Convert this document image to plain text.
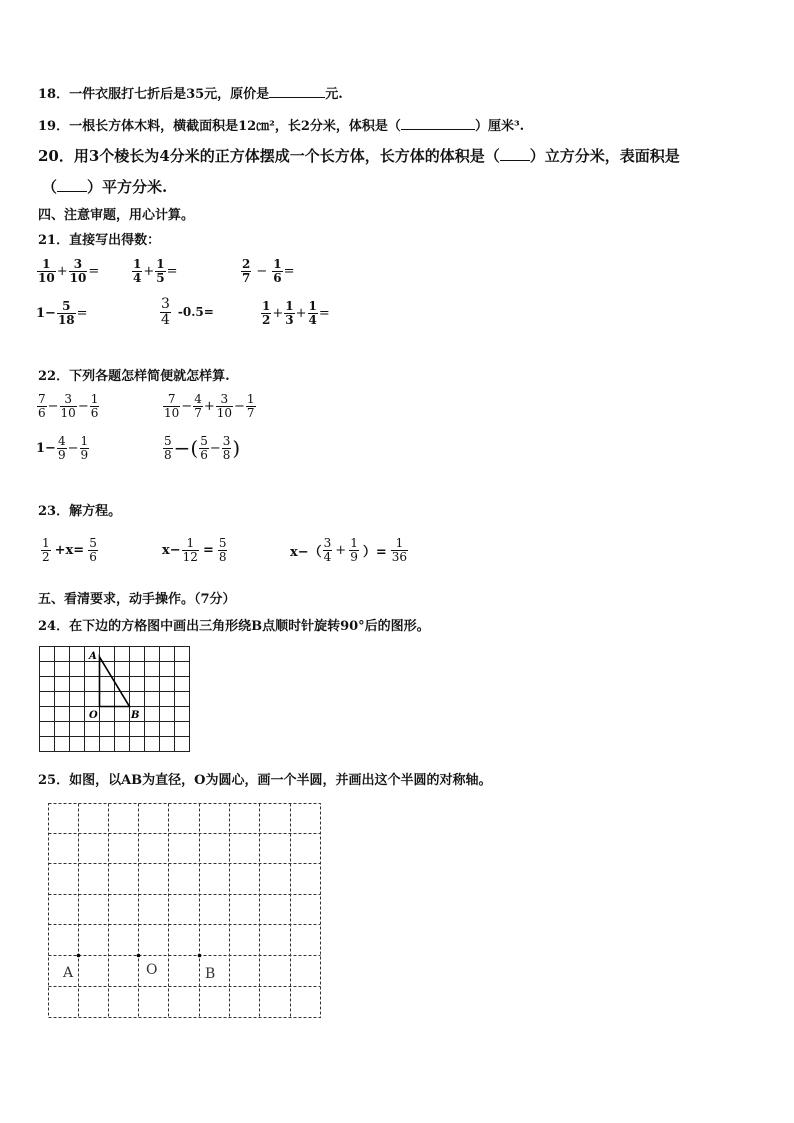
18．一件衣服打七折后是35元，原价是	元.
19．一根长方体木料，横截面积是12㎝²，长2分米，体积是（	）厘米³.
20．用3个棱长为4分米的正方体摆成一个长方体，长方体的体积是（ ）立方分米，表面积是
（ ）平方分米.
四、注意审题，用心计算。
21．直接写出得数：
$\frac{1}{10} + \frac{3}{10}$ =	$\frac{1}{4} + \frac{1}{5}$ =	$\frac{2}{7} - \frac{1}{6}$ =
$1- \frac{5}{18}$ =	$\frac{3}{4} -0.5=$	$\frac{1}{2} + \frac{1}{3} + \frac{1}{4}$ =
22．下列各题怎样简便就怎样算.
$\frac{7}{6} - \frac{3}{10} - \frac{1}{6}$	$\frac{7}{10} - \frac{4}{7} + \frac{3}{10} - \frac{1}{7}$
$1- \frac{4}{9} - \frac{1}{9}$	$\frac{5}{8}$ −( $\frac{5}{6} - \frac{3}{8}$ )
23．解方程。
$\frac{1}{2} +x= \frac{5}{6}$	$x- \frac{1}{12} = \frac{5}{8}$	$x-( \frac{3}{4} + \frac{1}{9}$ ）= $\frac{1}{36}$
五、看清要求，动手操作。（7分）
24．在下边的方格图中画出三角形绕B点顺时针旋转90°后的图形。
A
O	B
25．如图，以AB为直径，O为圆心，画一个半圆，并画出这个半圆的对称轴。
A	O	B
